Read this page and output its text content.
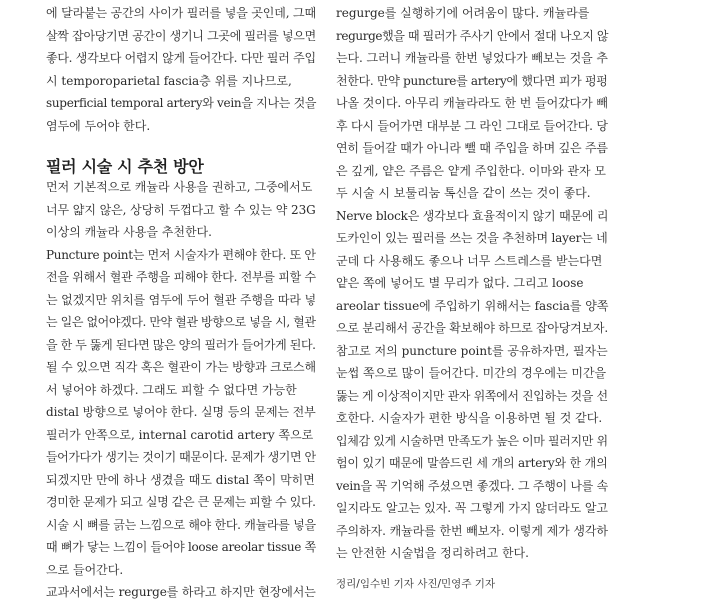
에 달라붙는 공간의 사이가 필러를 넣을 곳인데, 그때
살짝 잡아당기면 공간이 생기니 그곳에 필러를 넣으면
좋다. 생각보다 어렵지 않게 들어간다. 다만 필러 주입
시 temporoparietal fascia층 위를 지나므로,
superficial temporal artery와 vein을 지나는 것을
염두에 두어야 한다.
필러 시술 시 추천 방안
먼저 기본적으로 캐뉼라 사용을 권하고, 그중에서도
너무 얇지 않은, 상당히 두껍다고 할 수 있는 약 23G
이상의 캐뉼라 사용을 추천한다.
Puncture point는 먼저 시술자가 편해야 한다. 또 안
전을 위해서 혈관 주행을 피해야 한다. 전부를 피할 수
는 없겠지만 위치를 염두에 두어 혈관 주행을 따라 넣
는 일은 없어야겠다. 만약 혈관 방향으로 넣을 시, 혈관
을 한 두 뚫게 된다면 많은 양의 필러가 들어가게 된다.
될 수 있으면 직각 혹은 혈관이 가는 방향과 크로스해
서 넣어야 하겠다. 그래도 피할 수 없다면 가능한
distal 방향으로 넣어야 한다. 실명 등의 문제는 전부
필러가 안쪽으로, internal carotid artery 쪽으로
들어가다가 생기는 것이기 때문이다. 문제가 생기면 안
되겠지만 만에 하나 생겼을 때도 distal 쪽이 막히면
경미한 문제가 되고 실명 같은 큰 문제는 피할 수 있다.
시술 시 뼈를 긁는 느낌으로 해야 한다. 캐뉼라를 넣을
때 뼈가 닿는 느낌이 들어야 loose areolar tissue 쪽
으로 들어간다.
교과서에서는 regurge를 하라고 하지만 현장에서는
regurge를 실행하기에 어려움이 많다. 캐뉼라를
regurge했을 때 필러가 주사기 안에서 절대 나오지 않
는다. 그러니 캐뉼라를 한번 넣었다가 빼보는 것을 추
천한다. 만약 puncture를 artery에 했다면 피가 펑펑
나올 것이다. 아무리 캐뉼라라도 한 번 들어갔다가 빼
후 다시 들어가면 대부분 그 라인 그대로 들어간다. 당
연히 들어갈 때가 아니라 뺄 때 주입을 하며 깊은 주름
은 깊게, 얕은 주름은 얕게 주입한다. 이마와 관자 모
두 시술 시 보툴리눔 톡신을 같이 쓰는 것이 좋다.
Nerve block은 생각보다 효율적이지 않기 때문에 리
도카인이 있는 필러를 쓰는 것을 추천하며 layer는 네
군데 다 사용해도 좋으나 너무 스트레스를 받는다면
얕은 쪽에 넣어도 별 무리가 없다. 그리고 loose
areolar tissue에 주입하기 위해서는 fascia를 양쪽
으로 분리해서 공간을 확보해야 하므로 잡아당겨보자.
참고로 저의 puncture point를 공유하자면, 필자는
눈썹 쪽으로 많이 들어간다. 미간의 경우에는 미간을
뚫는 게 이상적이지만 관자 위쪽에서 진입하는 것을 선
호한다. 시술자가 편한 방식을 이용하면 될 것 같다.
입체감 있게 시술하면 만족도가 높은 이마 필러지만 위
험이 있기 때문에 말씀드린 세 개의 artery와 한 개의
vein을 꼭 기억해 주셨으면 좋겠다. 그 주행이 나를 속
일지라도 알고는 있자. 꼭 그렇게 가지 않더라도 알고
주의하자. 캐뉼라를 한번 빼보자. 이렇게 제가 생각하
는 안전한 시술법을 정리하려고 한다.
정리/임수빈 기자 사진/민영주 기자
